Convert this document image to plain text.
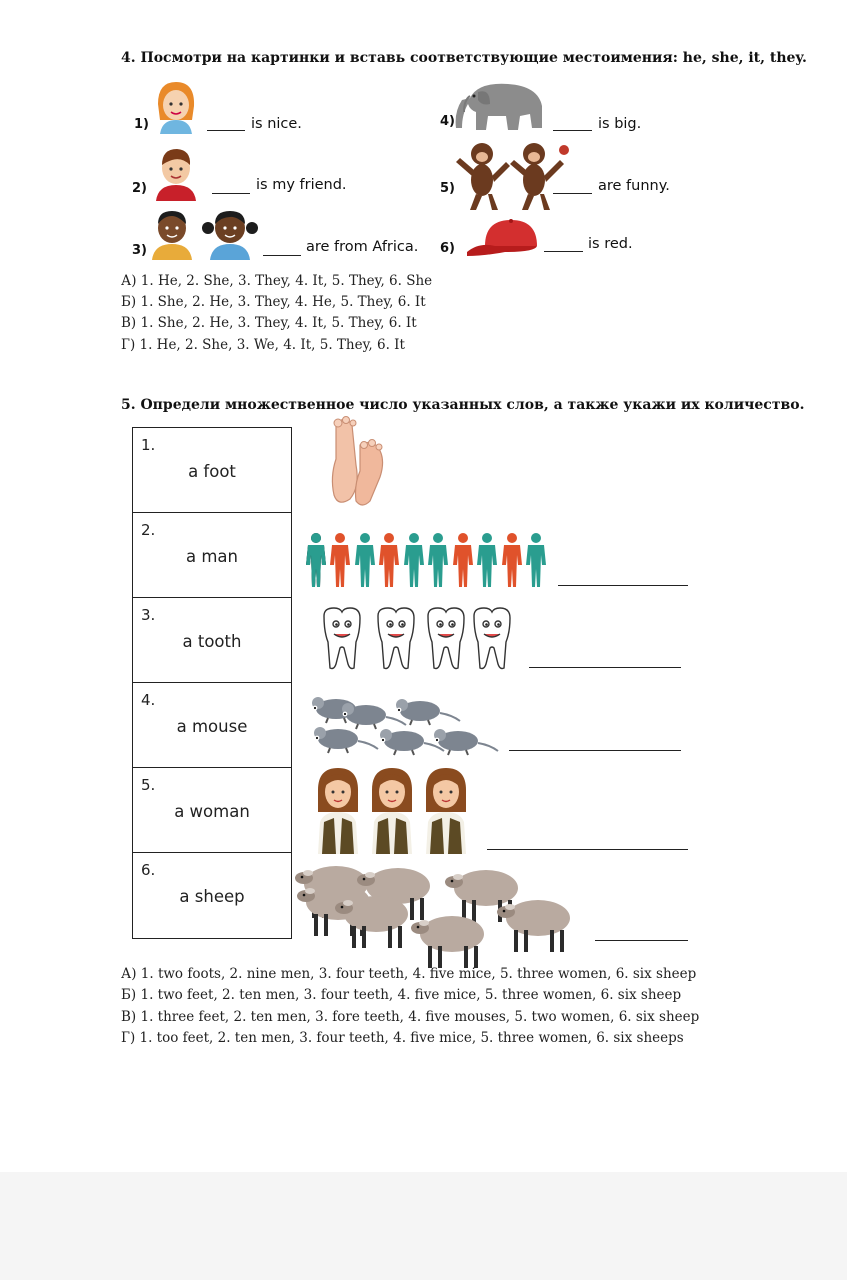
4. Посмотри на картинки и вставь соответствующие местоимения: he, she, it, they.
1)	is nice.
2)	is my friend.
3)	are from Africa.
4)	is big.
5)	are funny.
6)	is red.
А) 1. He, 2. She, 3. They, 4. It, 5. They, 6. She
Б) 1. She, 2. He, 3. They, 4. He, 5. They, 6. It
В) 1. She, 2. He, 3. They, 4. It, 5. They, 6. It
Г) 1. He, 2. She, 3. We, 4. It, 5. They, 6. It
5. Определи множественное число указанных слов, а также укажи их количество.
1.
a foot
2.
a man
3.
a tooth
4.
a mouse
5.
a woman
6.
a sheep
А) 1. two foots, 2. nine men, 3. four teeth, 4. five mice, 5. three women, 6. six sheep
Б) 1. two feet, 2. ten men, 3. four teeth, 4. five mice, 5. three women, 6. six sheep
В) 1. three feet, 2. ten men, 3. fore teeth, 4. five mouses, 5. two women, 6. six sheep
Г) 1. too feet, 2. ten men, 3. four teeth, 4. five mice, 5. three women, 6. six sheeps
